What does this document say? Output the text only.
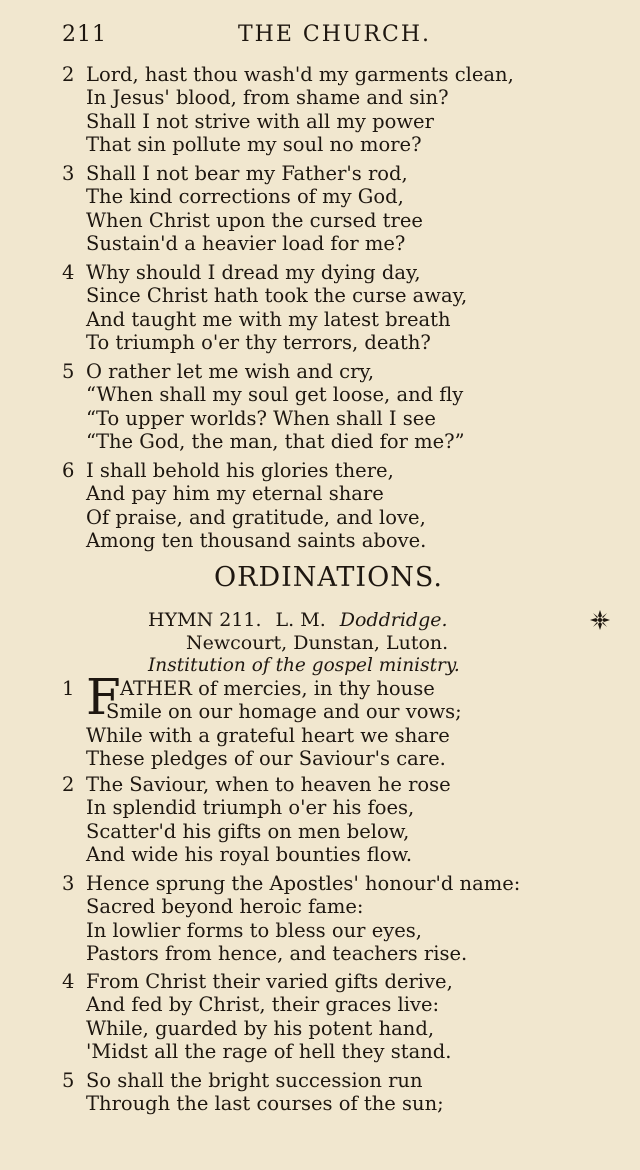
211	THE CHURCH.
2 Lord, hast thou wash'd my garments clean,
In Jesus' blood, from shame and sin?
Shall I not strive with all my power
That sin pollute my soul no more?
3 Shall I not bear my Father's rod,
The kind corrections of my God,
When Christ upon the cursed tree
Sustain'd a heavier load for me?
4 Why should I dread my dying day,
Since Christ hath took the curse away,
And taught me with my latest breath
To triumph o'er thy terrors, death?
5 O rather let me wish and cry,
“When shall my soul get loose, and fly
“To upper worlds? When shall I see
“The God, the man, that died for me?”
6 I shall behold his glories there,
And pay him my eternal share
Of praise, and gratitude, and love,
Among ten thousand saints above.
ORDINATIONS.
HYMN 211. L. M. Doddridge.
Newcourt, Dunstan, Luton.
Institution of the gospel ministry.
F
1	ATHER of mercies, in thy house
Smile on our homage and our vows;
While with a grateful heart we share
These pledges of our Saviour's care.
2 The Saviour, when to heaven he rose
In splendid triumph o'er his foes,
Scatter'd his gifts on men below,
And wide his royal bounties flow.
3 Hence sprung the Apostles' honour'd name:
Sacred beyond heroic fame:
In lowlier forms to bless our eyes,
Pastors from hence, and teachers rise.
4 From Christ their varied gifts derive,
And fed by Christ, their graces live:
While, guarded by his potent hand,
'Midst all the rage of hell they stand.
5 So shall the bright succession run
Through the last courses of the sun;
